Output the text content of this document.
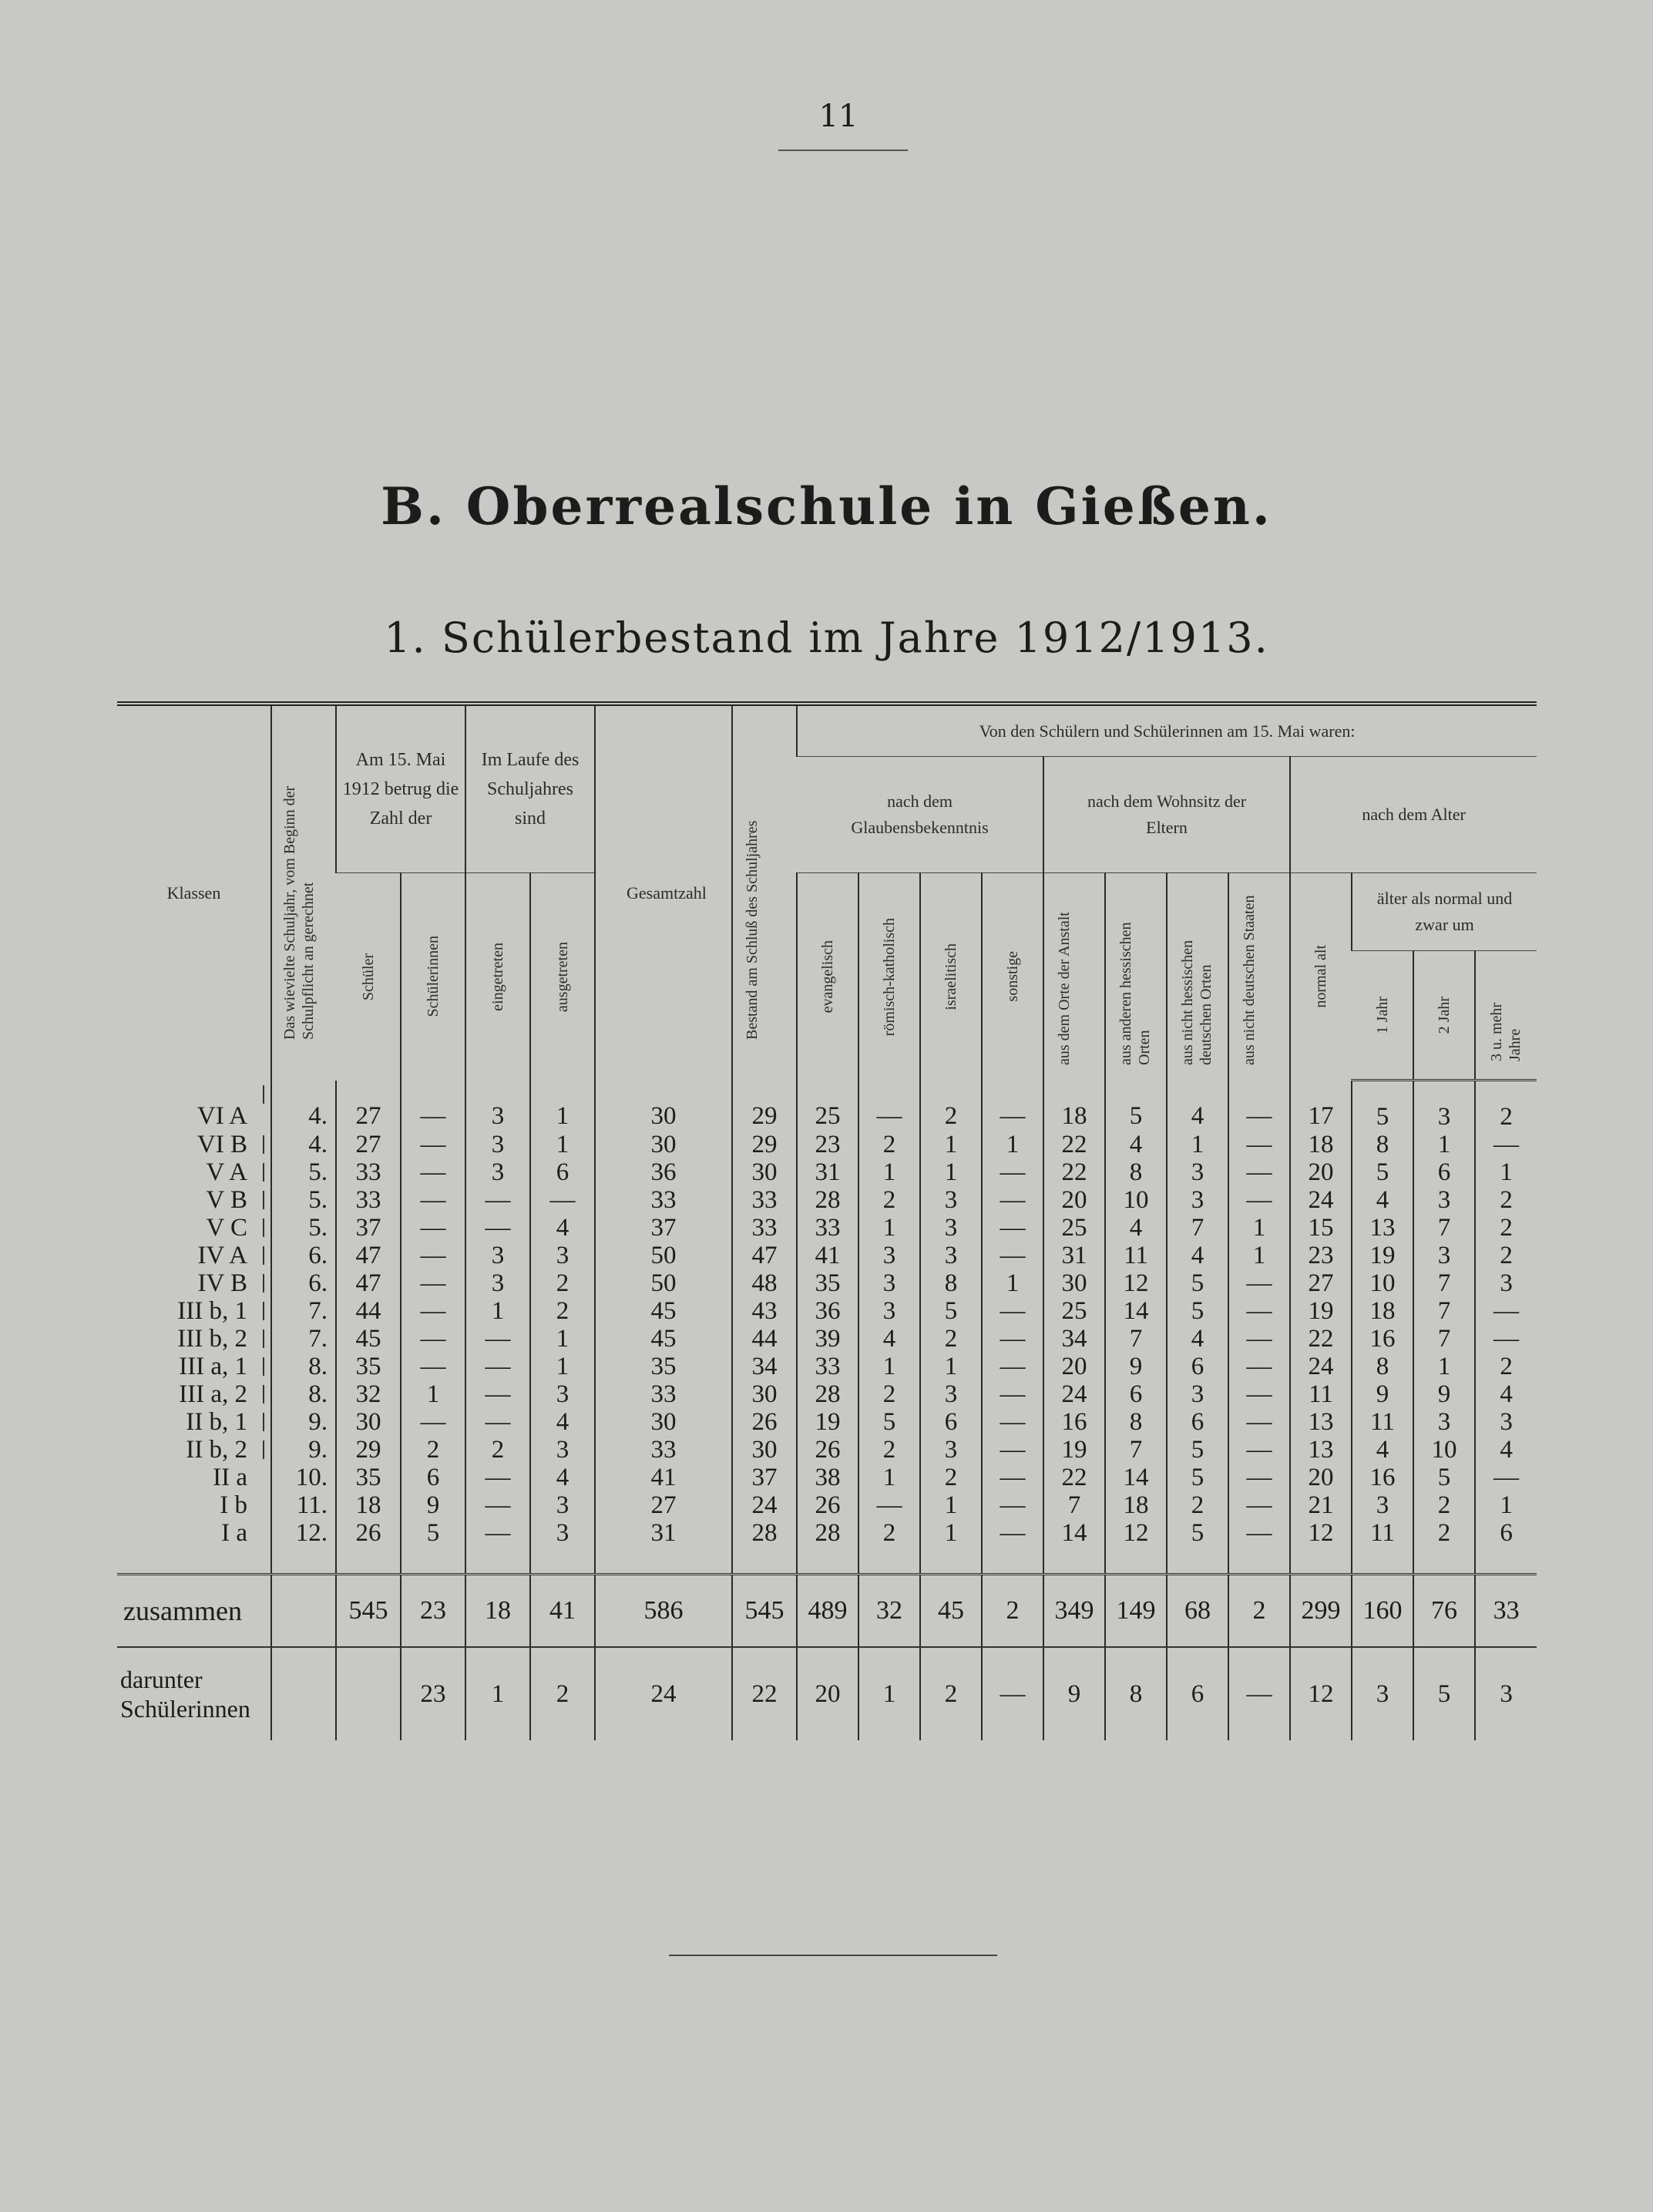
11
B. Oberrealschule in Gießen.
1. Schülerbestand im Jahre 1912/1913.
Klassen	Das wievielte Schuljahr, vom Beginn der Schulpflicht an gerechnet	Am 15. Mai 1912 betrug die Zahl der		Im Laufe des Schuljahres sind		Gesamtzahl	Bestand am Schluß des Schuljahres	Von den Schülern und Schülerinnen am 15. Mai waren:											
								nach dem Glaubensbekenntnis				nach dem Wohnsitz der Eltern				nach dem Alter			

		Schüler	Schülerinnen	eingetreten	ausgetreten			evangelisch	römisch-katholisch	israelitisch	sonstige	aus dem Orte der Anstalt	aus anderen hessischen Orten	aus nicht hessischen deutschen Orten	aus nicht deutschen Staaten	normal alt	älter als normal und zwar um		

																	1 Jahr	2 Jahr	3 u. mehr Jahre

VI A	4.	27	—	3	1	30	29	25	—	2	—	18	5	4	—	17	5	3	2
VI B	4.	27	—	3	1	30	29	23	2	1	1	22	4	1	—	18	8	1	—
V A	5.	33	—	3	6	36	30	31	1	1	—	22	8	3	—	20	5	6	1
V B	5.	33	—	—	—	33	33	28	2	3	—	20	10	3	—	24	4	3	2
V C	5.	37	—	—	4	37	33	33	1	3	—	25	4	7	1	15	13	7	2
IV A	6.	47	—	3	3	50	47	41	3	3	—	31	11	4	1	23	19	3	2
IV B	6.	47	—	3	2	50	48	35	3	8	1	30	12	5	—	27	10	7	3
III b, 1	7.	44	—	1	2	45	43	36	3	5	—	25	14	5	—	19	18	7	—
III b, 2	7.	45	—	—	1	45	44	39	4	2	—	34	7	4	—	22	16	7	—
III a, 1	8.	35	—	—	1	35	34	33	1	1	—	20	9	6	—	24	8	1	2
III a, 2	8.	32	1	—	3	33	30	28	2	3	—	24	6	3	—	11	9	9	4
II b, 1	9.	30	—	—	4	30	26	19	5	6	—	16	8	6	—	13	11	3	3
II b, 2	9.	29	2	2	3	33	30	26	2	3	—	19	7	5	—	13	4	10	4
II a	10.	35	6	—	4	41	37	38	1	2	—	22	14	5	—	20	16	5	—
I b	11.	18	9	—	3	27	24	26	—	1	—	7	18	2	—	21	3	2	1
I a	12.	26	5	—	3	31	28	28	2	1	—	14	12	5	—	12	11	2	6
zusammen		545	23	18	41	586	545	489	32	45	2	349	149	68	2	299	160	76	33
darunter Schülerinnen			23	1	2	24	22	20	1	2	—	9	8	6	—	12	3	5	3
